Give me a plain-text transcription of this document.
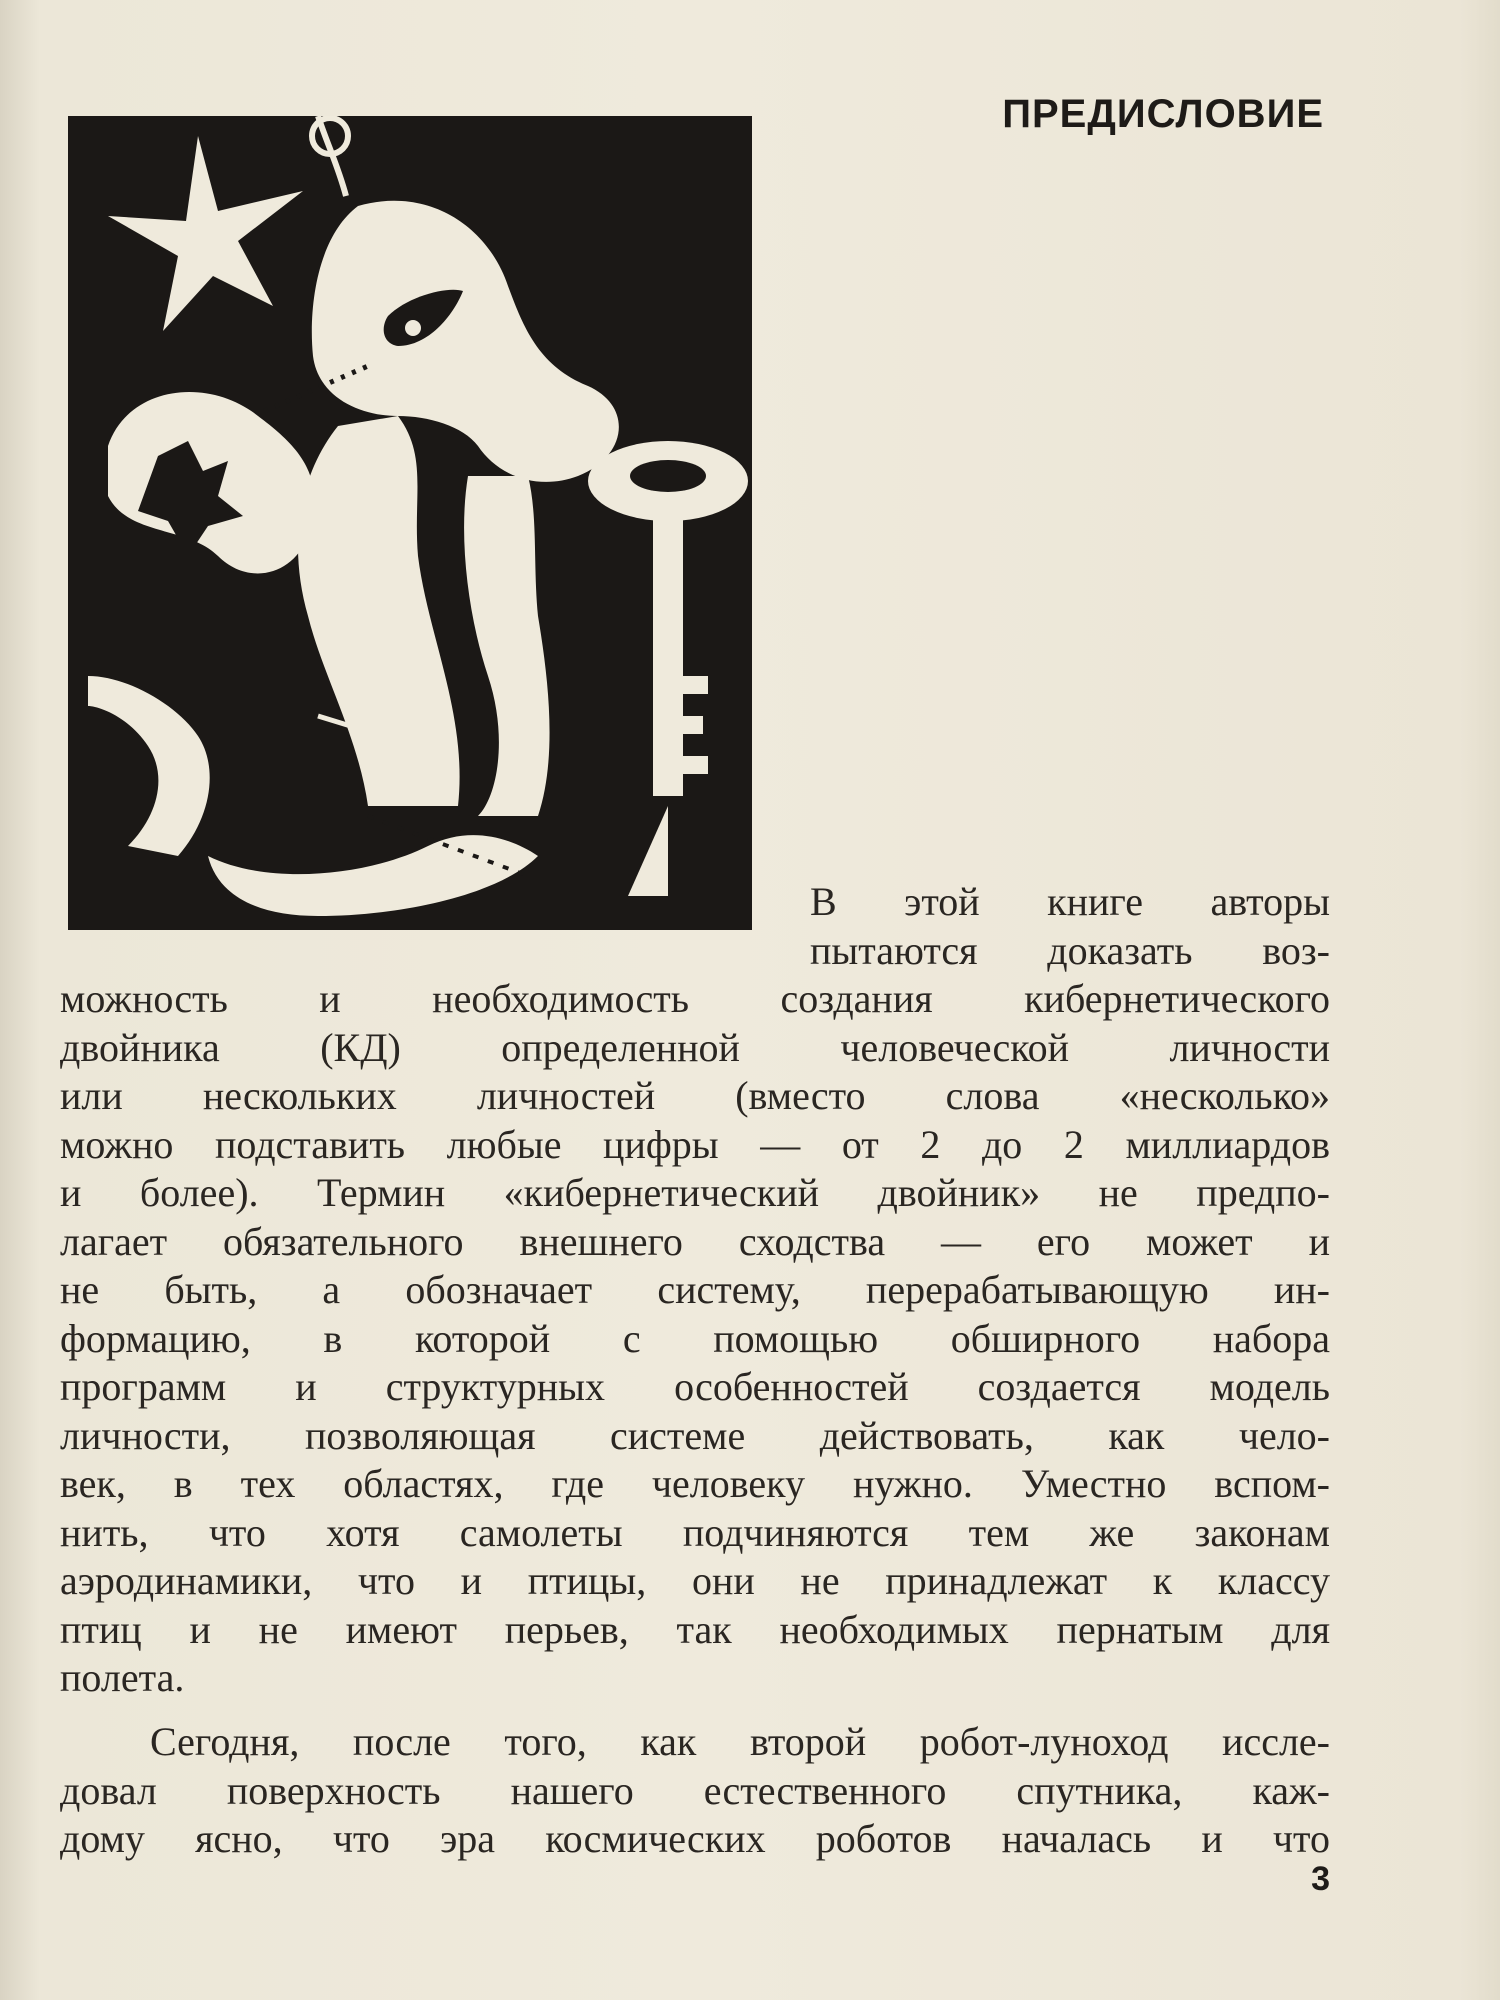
ПРЕДИСЛОВИЕ
В этой книге авторы
пытаются доказать воз-
можность и необходимость создания кибернетического
двойника (КД) определенной человеческой личности
или нескольких личностей (вместо слова «несколько»
можно подставить любые цифры — от 2 до 2 миллиардов
и более). Термин «кибернетический двойник» не предпо-
лагает обязательного внешнего сходства — его может и
не быть, а обозначает систему, перерабатывающую ин-
формацию, в которой с помощью обширного набора
программ и структурных особенностей создается модель
личности, позволяющая системе действовать, как чело-
век, в тех областях, где человеку нужно. Уместно вспом-
нить, что хотя самолеты подчиняются тем же законам
аэродинамики, что и птицы, они не принадлежат к классу
птиц и не имеют перьев, так необходимых пернатым для
полета.
Сегодня, после того, как второй робот-луноход иссле-
довал поверхность нашего естественного спутника, каж-
дому ясно, что эра космических роботов началась и что
3
